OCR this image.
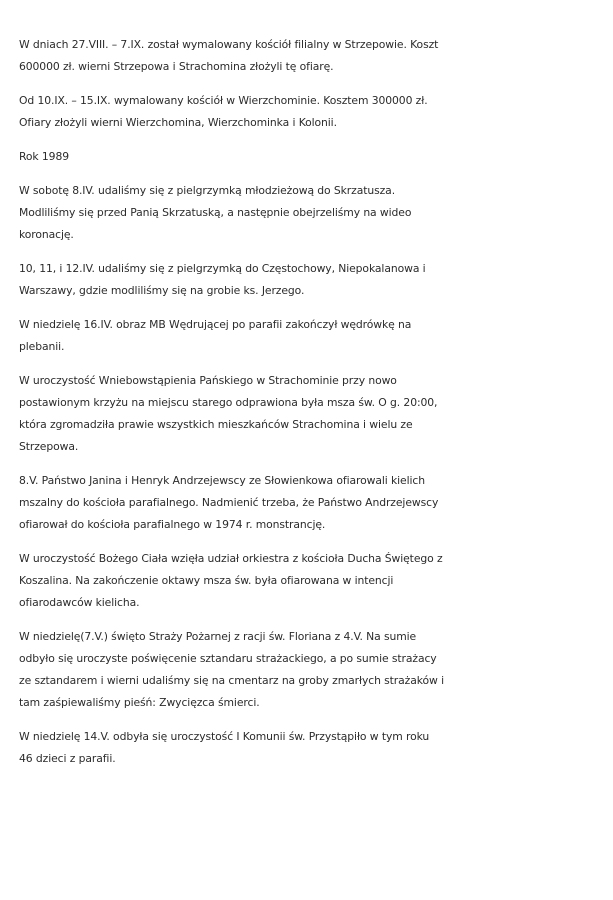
W dniach 27.VIII. – 7.IX. został wymalowany kościół filialny w Strzepowie. Koszt
600000 zł. wierni Strzepowa i Strachomina złożyli tę ofiarę.

Od 10.IX. – 15.IX. wymalowany kościół w Wierzchominie. Kosztem 300000 zł.
Ofiary złożyli wierni Wierzchomina, Wierzchominka i Kolonii.

Rok 1989

W sobotę 8.IV. udaliśmy się z pielgrzymką młodzieżową do Skrzatusza.
Modliliśmy się przed Panią Skrzatuską, a następnie obejrzeliśmy na wideo
koronację.

10, 11, i 12.IV. udaliśmy się z pielgrzymką do Częstochowy, Niepokalanowa i
Warszawy, gdzie modliliśmy się na grobie ks. Jerzego.

W niedzielę 16.IV. obraz MB Wędrującej po parafii zakończył wędrówkę na
plebanii.

W uroczystość Wniebowstąpienia Pańskiego w Strachominie przy nowo
postawionym krzyżu na miejscu starego odprawiona była msza św. O g. 20:00,
która zgromadziła prawie wszystkich mieszkańców Strachomina i wielu ze
Strzepowa.

8.V. Państwo Janina i Henryk Andrzejewscy ze Słowienkowa ofiarowali kielich
mszalny do kościoła parafialnego. Nadmienić trzeba, że Państwo Andrzejewscy
ofiarował do kościoła parafialnego w 1974 r. monstrancję.

W uroczystość Bożego Ciała wzięła udział orkiestra z kościoła Ducha Świętego z
Koszalina. Na zakończenie oktawy msza św. była ofiarowana w intencji
ofiarodawców kielicha.

W niedzielę(7.V.) święto Straży Pożarnej z racji św. Floriana z 4.V. Na sumie
odbyło się uroczyste poświęcenie sztandaru strażackiego, a po sumie strażacy
ze sztandarem i wierni udaliśmy się na cmentarz na groby zmarłych strażaków i
tam zaśpiewaliśmy pieśń: Zwycięzca śmierci.

W niedzielę 14.V. odbyła się uroczystość I Komunii św. Przystąpiło w tym roku
46 dzieci z parafii.
